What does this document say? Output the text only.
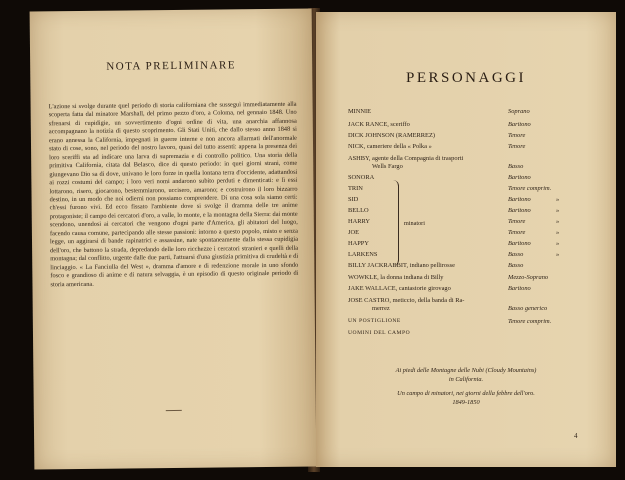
NOTA PRELIMINARE
L'azione si svolge durante quel periodo di storia californiana che susseguì immediatamente alla scoperta fatta dal minatore Marshall, del primo pezzo d'oro, a Coloma, nel gennaio 1848. Uno sfrenarsi di cupidigie, un sovvertimento d'ogni ordine di vita, una anarchia affannosa accompagnano la notizia di questo scoprimento. Gli Stati Uniti, che dallo stesso anno 1848 si erano annessa la California, impegnati in guerre interne e non ancora allarmati dell'anormale stato di cose, sono, nel periodo del nostro lavoro, quasi del tutto assenti: appena la presenza dei loro sceriffi sta ad indicare una larva di supremazia e di controllo politico. Una storia della primitiva California, citata dal Belasco, dice di questo periodo: in quei giorni strani, come giungevano Dio sa di dove, univano le loro forze in quella lontana terra d'occidente, adattandosi ai rozzi costumi del campo; i loro veri nomi andarono subito perduti e dimenticati: e lì essi lottarono, risero, giocarono, bestemmiarono, uccisero, amarono; e costruirono il loro bizzarro destino, in un modo che noi odierni non possiamo comprendere. Di una cosa sola siamo certi: ch'essi furono vivi. Ed ecco fissato l'ambiente dove si svolge il dramma delle tre anime protagoniste; il campo dei cercatori d'oro, a valle, lo monte, e la montagna della Sierra: dai monte scendono, unendosi ai cercatori che vengono d'ogni parte d'America, gli abitatori del luogo, facendo causa comune, partecipando alle stesse passioni: intorno a questo popolo, misto e senza legge, un aggirarsi di bande rapinatrici e assassine, nate spontaneamente dalla stessa cupidigia dell'oro, che battono la strada, depredando delle loro ricchezze i cercatori stranieri e quelli della montagna; dal conflitto, urgente dalle due parti, l'attuarsi d'una giustizia primitiva di crudeltà e di linciaggio. « La Fanciulla del West », dramma d'amore e di redenzione morale in uno sfondo fosco e grandioso di anime e di natura selvaggia, è un episodio di questo originale periodo di storia americana.
PERSONAGGI
minatori
MINNIE	Soprano
JACK RANCE, sceriffo	Baritono
DICK JOHNSON (RAMERREZ)	Tenore
NICK, cameriere della « Polka »	Tenore
ASHBY, agente della Compagnia di trasporti
Wells Fargo	Basso
SONORA	Baritono
TRIN	Tenore comprim.
SID	Baritono	»
BELLO	Baritono	»
HARRY	Tenore	»
JOE	Tenore	»
HAPPY	Baritono	»
LARKENS	Basso	»
BILLY JACKRABBIT, indiano pellirosse	Basso
WOWKLE, la donna indiana di Billy	Mezzo-Soprano
JAKE WALLACE, cantastorie girovago	Baritono
JOSE CASTRO, meticcio, della banda di Ra-
merrez	Basso generico
UN POSTIGLIONE	Tenore comprim.
UOMINI DEL CAMPO
Ai piedi delle Montagne delle Nubi (Cloudy Mountains)
in California.
Un campo di minatori, nei giorni della febbre dell'oro.
1849-1850
4
